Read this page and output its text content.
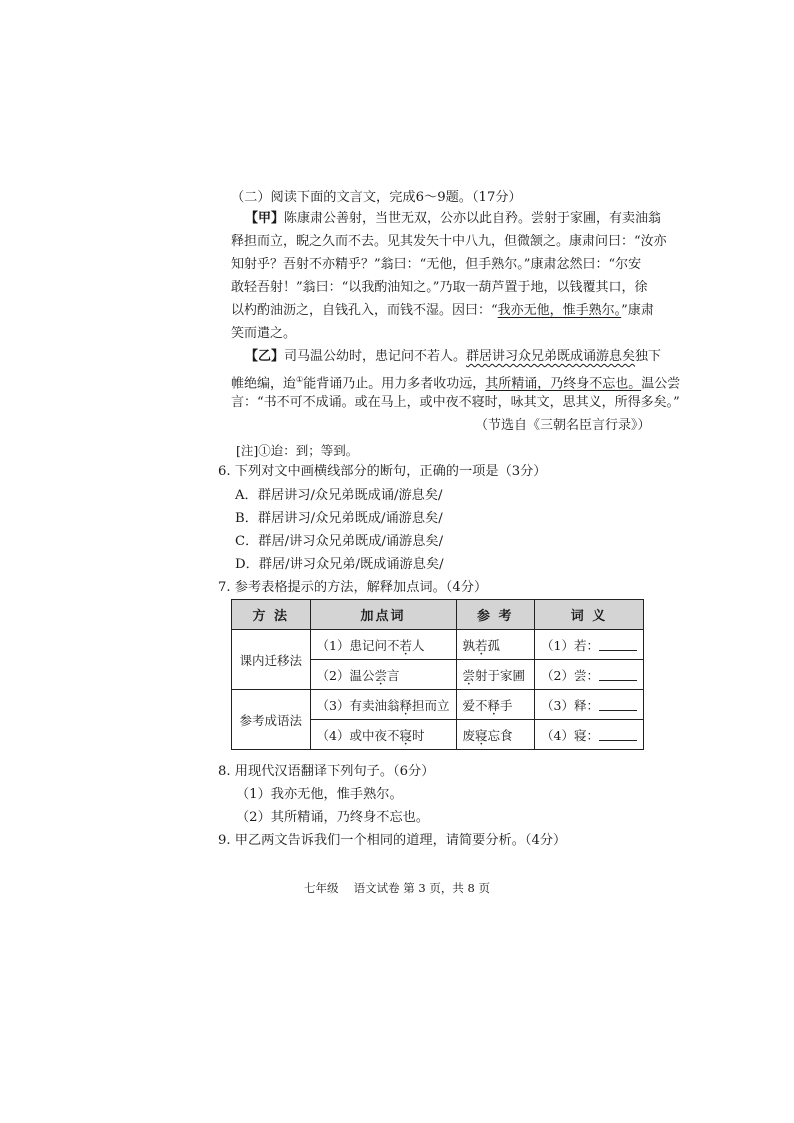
（二）阅读下面的文言文，完成6～9题。（17分）
【甲】陈康肃公善射，当世无双，公亦以此自矜。尝射于家圃，有卖油翁
释担而立，睨之久而不去。见其发矢十中八九，但微颔之。康肃问曰：“汝亦
知射乎？吾射不亦精乎？”翁曰：“无他，但手熟尔。”康肃忿然曰：“尔安
敢轻吾射！”翁曰：“以我酌油知之。”乃取一葫芦置于地，以钱覆其口，徐
以杓酌油沥之，自钱孔入，而钱不湿。因曰：“我亦无他，惟手熟尔。”康肃
笑而遣之。
【乙】司马温公幼时，患记问不若人。群居讲习众兄弟既成诵游息矣独下
帷绝编，迨①能背诵乃止。用力多者收功远，其所精诵，乃终身不忘也。温公尝
言：“书不可不成诵。或在马上，或中夜不寝时，咏其文，思其义，所得多矣。”
（节选自《三朝名臣言行录》）
[注]①迨：到；等到。
6. 下列对文中画横线部分的断句，正确的一项是（3分）
A．群居讲习/众兄弟既成诵/游息矣/
B．群居讲习/众兄弟既成/诵游息矣/
C．群居/讲习众兄弟既成/诵游息矣/
D．群居/讲习众兄弟/既成诵游息矣/
7. 参考表格提示的方法，解释加点词。（4分）
方 法	加点词	参 考	词 义
课内迁移法	（1）患记问不若人	孰若孤	（1）若：
	（2）温公尝言	尝射于家圃	（2）尝：
参考成语法	（3）有卖油翁释担而立	爱不释手	（3）释：
	（4）或中夜不寝时	废寝忘食	（4）寝：
8. 用现代汉语翻译下列句子。（6分）
（1）我亦无他，惟手熟尔。
（2）其所精诵，乃终身不忘也。
9. 甲乙两文告诉我们一个相同的道理，请简要分析。（4分）
七年级　 语文试卷 第 3 页，共 8 页
